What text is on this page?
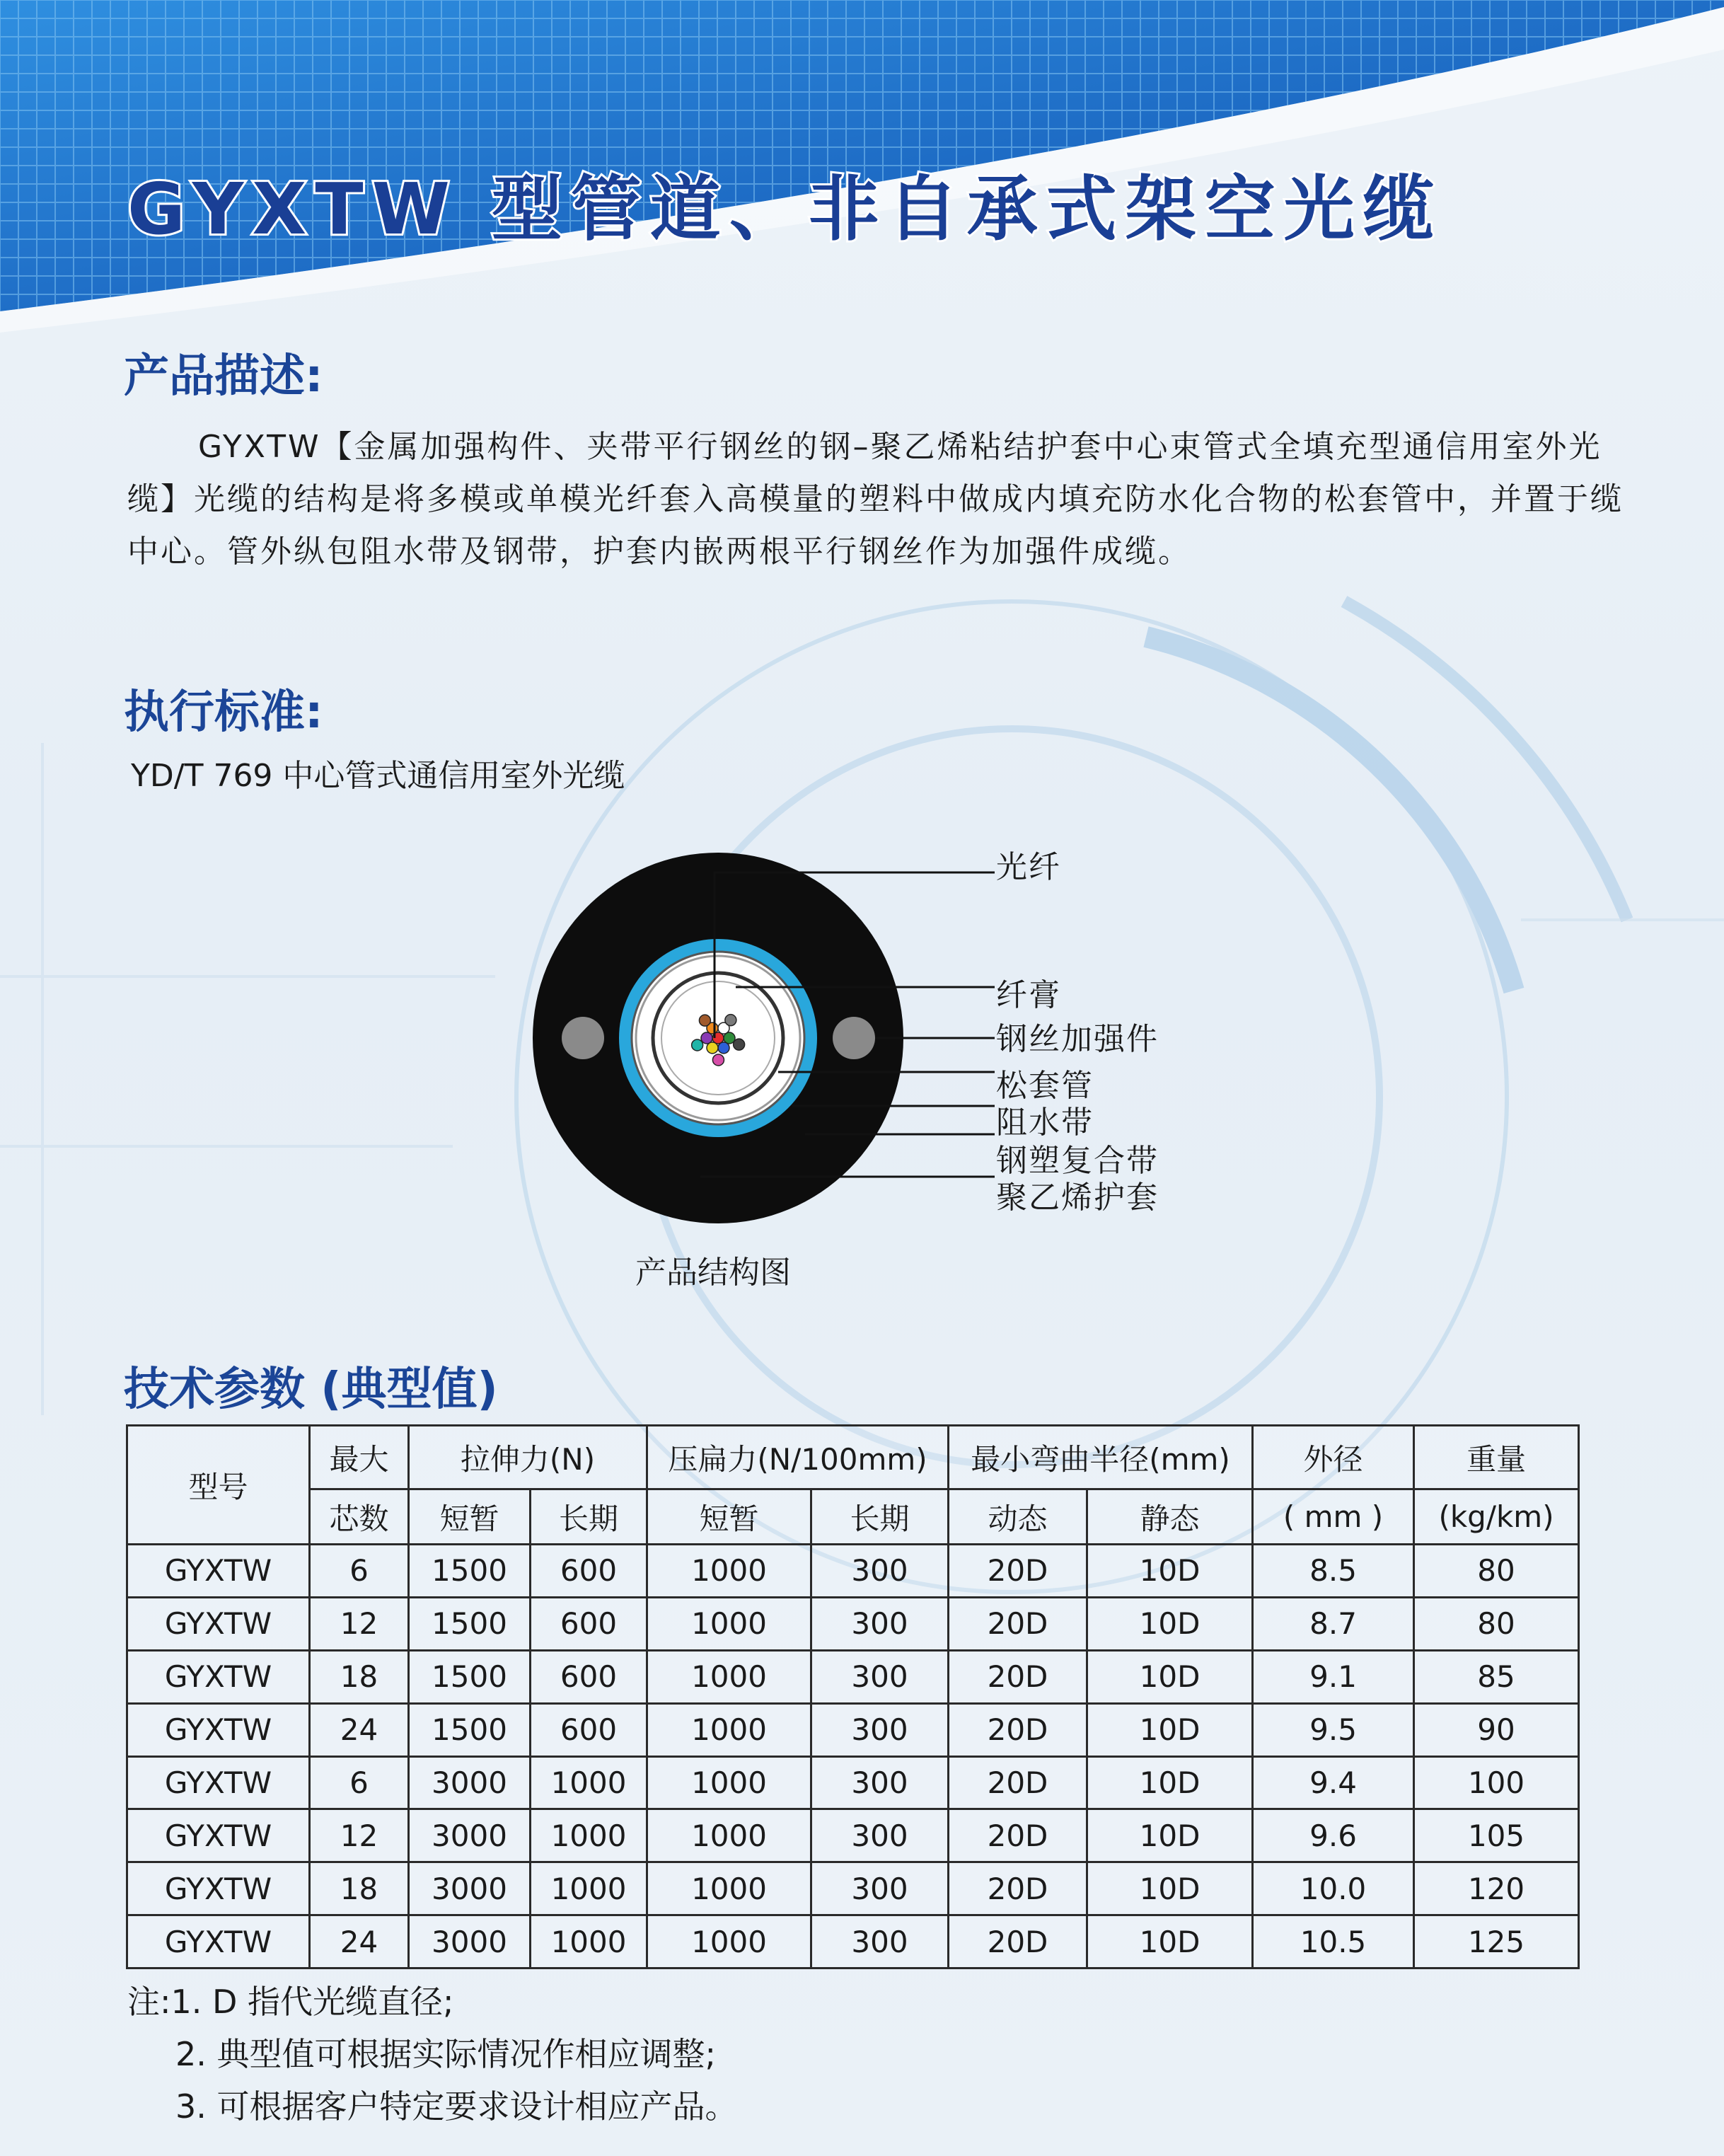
GYXTW 型管道、非自承式架空光缆
产品描述:

GYXTW【金属加强构件、夹带平行钢丝的钢–聚乙烯粘结护套中心束管式全填充型通信用室外光缆】光缆的结构是将多模或单模光纤套入高模量的塑料中做成内填充防水化合物的松套管中，并置于缆中心。管外纵包阻水带及钢带，护套内嵌两根平行钢丝作为加强件成缆。

执行标准:

YD/T 769 中心管式通信用室外光缆

光纤
纤膏
钢丝加强件
松套管
阻水带
钢塑复合带
聚乙烯护套
产品结构图
技术参数 (典型值)
型号	最大	拉伸力(N)		压扁力(N/100mm)		最小弯曲半径(mm)		外径	重量
	芯数	短暂	长期	短暂	长期	动态	静态	( mm )	(kg/km)
GYXTW	6	1500	600	1000	300	20D	10D	8.5	80
GYXTW	12	1500	600	1000	300	20D	10D	8.7	80
GYXTW	18	1500	600	1000	300	20D	10D	9.1	85
GYXTW	24	1500	600	1000	300	20D	10D	9.5	90
GYXTW	6	3000	1000	1000	300	20D	10D	9.4	100
GYXTW	12	3000	1000	1000	300	20D	10D	9.6	105
GYXTW	18	3000	1000	1000	300	20D	10D	10.0	120
GYXTW	24	3000	1000	1000	300	20D	10D	10.5	125
注:1. D 指代光缆直径;
2. 典型值可根据实际情况作相应调整;
3. 可根据客户特定要求设计相应产品。
